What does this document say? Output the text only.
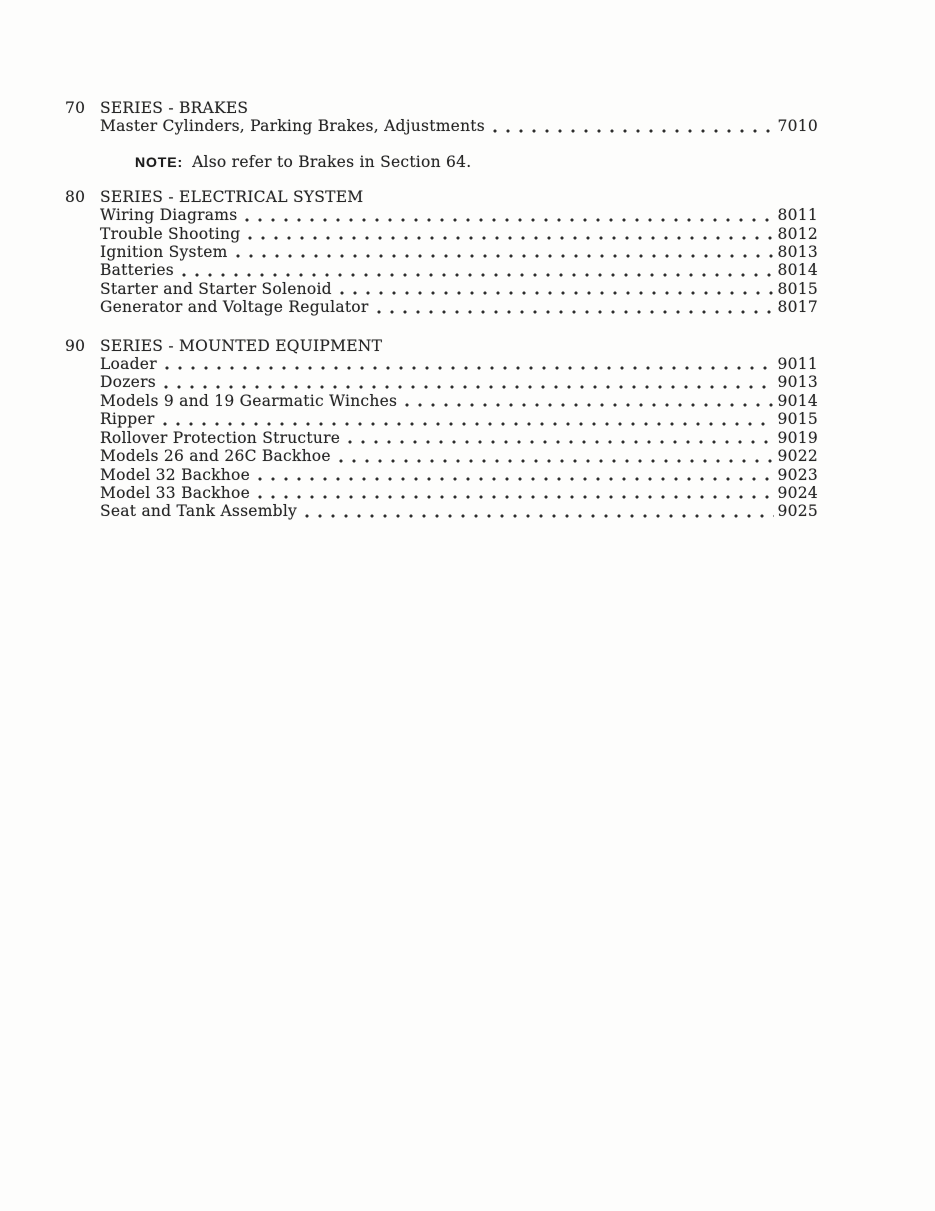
70 SERIES - BRAKES
Master Cylinders, Parking Brakes, Adjustments	7010
NOTE: Also refer to Brakes in Section 64.
80 SERIES - ELECTRICAL SYSTEM
Wiring Diagrams	8011
Trouble Shooting	8012
Ignition System	8013
Batteries	8014
Starter and Starter Solenoid	8015
Generator and Voltage Regulator	8017
90 SERIES - MOUNTED EQUIPMENT
Loader	9011
Dozers	9013
Models 9 and 19 Gearmatic Winches	9014
Ripper	9015
Rollover Protection Structure	9019
Models 26 and 26C Backhoe	9022
Model 32 Backhoe	9023
Model 33 Backhoe	9024
Seat and Tank Assembly	9025
